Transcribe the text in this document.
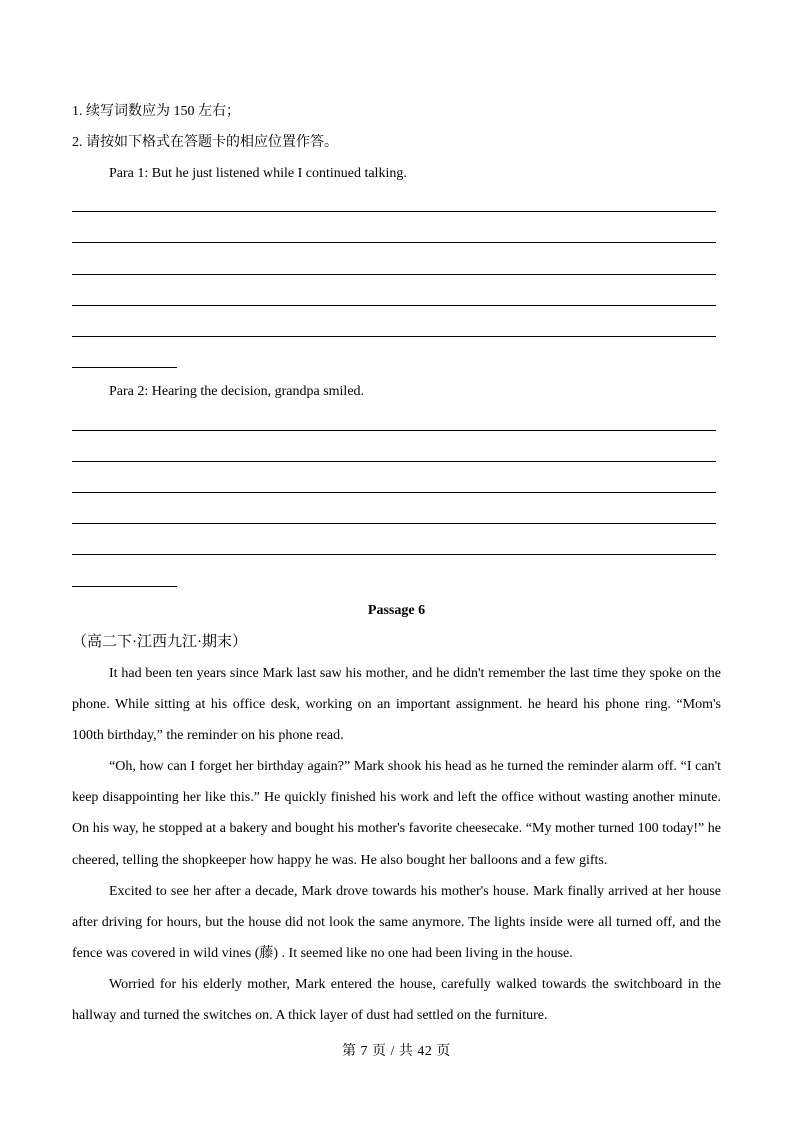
1. 续写词数应为 150 左右；
2. 请按如下格式在答题卡的相应位置作答。
Para 1: But he just listened while I continued talking.
Para 2: Hearing the decision, grandpa smiled.
Passage 6
（高二下·江西九江·期末）
It had been ten years since Mark last saw his mother, and he didn't remember the last time they spoke on the phone. While sitting at his office desk, working on an important assignment. he heard his phone ring. “Mom's 100th birthday,” the reminder on his phone read.
“Oh, how can I forget her birthday again?” Mark shook his head as he turned the reminder alarm off. “I can't keep disappointing her like this.” He quickly finished his work and left the office without wasting another minute. On his way, he stopped at a bakery and bought his mother's favorite cheesecake. “My mother turned 100 today!” he cheered, telling the shopkeeper how happy he was. He also bought her balloons and a few gifts.
Excited to see her after a decade, Mark drove towards his mother's house. Mark finally arrived at her house after driving for hours, but the house did not look the same anymore. The lights inside were all turned off, and the fence was covered in wild vines (藤) . It seemed like no one had been living in the house.
Worried for his elderly mother, Mark entered the house, carefully walked towards the switchboard in the hallway and turned the switches on. A thick layer of dust had settled on the furniture.
第 7 页 / 共 42 页
